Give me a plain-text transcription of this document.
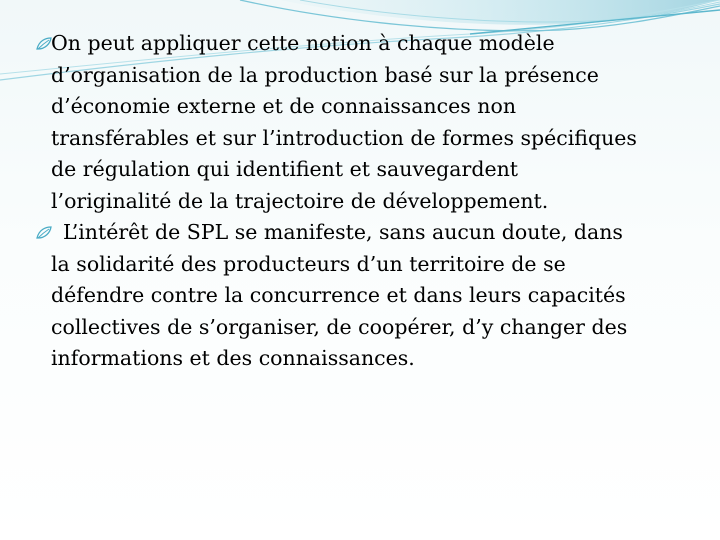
On peut appliquer cette notion à chaque modèle
d’organisation de la production basé sur la présence
d’économie externe et de connaissances non
transférables et sur l’introduction de formes spécifiques
de régulation qui identifient et sauvegardent
l’originalité de la trajectoire de développement.
L’intérêt de SPL se manifeste, sans aucun doute, dans
la solidarité des producteurs d’un territoire de se
défendre contre la concurrence et dans leurs capacités
collectives de s’organiser, de coopérer, d’y changer des
informations et des connaissances.
